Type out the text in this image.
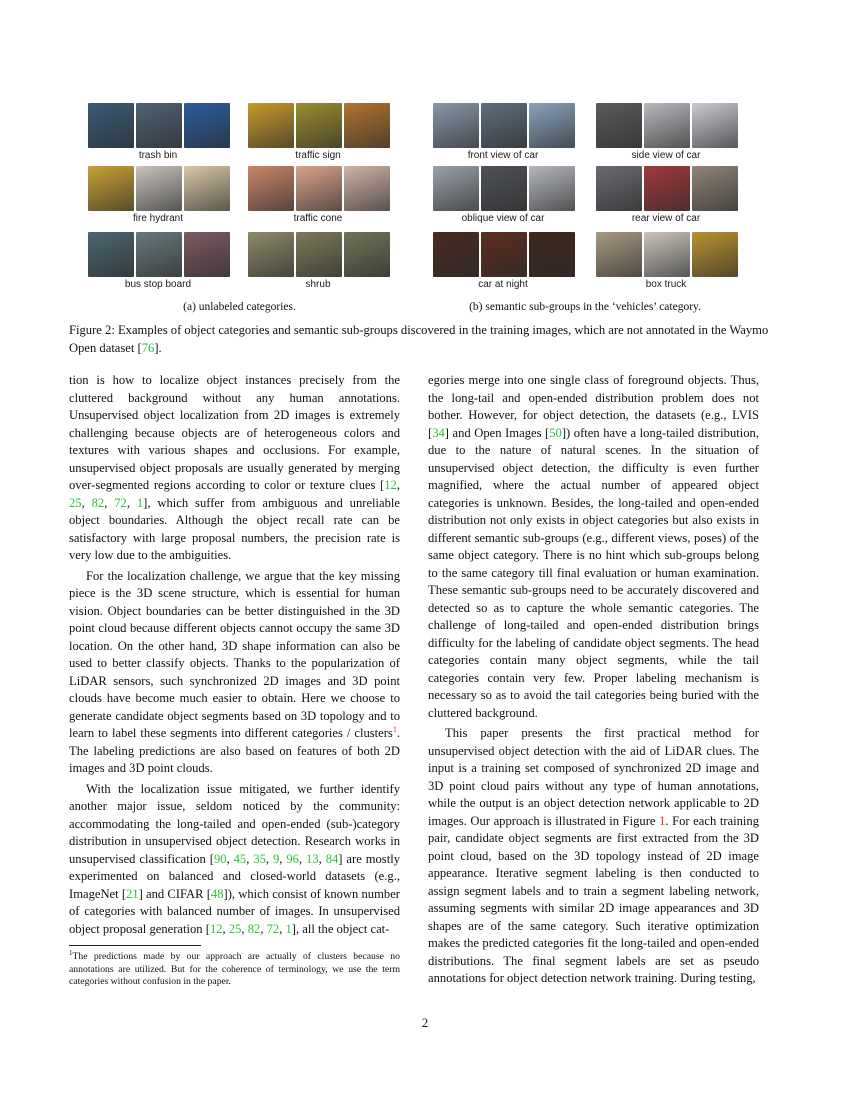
(a) unlabeled categories.	(b) semantic sub-groups in the ‘vehicles’ category.
Figure 2: Examples of object categories and semantic sub-groups discovered in the training images, which are not annotated in the Waymo Open dataset [76].

tion is how to localize object instances precisely from the cluttered background without any human annotations. Unsupervised object localization from 2D images is extremely challenging because objects are of heterogeneous colors and textures with various shapes and occlusions. For example, unsupervised object proposals are usually generated by merging over-segmented regions according to color or texture clues [12, 25, 82, 72, 1], which suffer from ambiguous and unreliable object boundaries. Although the object recall rate can be satisfactory with large proposal numbers, the precision rate is very low due to the ambiguities.

For the localization challenge, we argue that the key missing piece is the 3D scene structure, which is essential for human vision. Object boundaries can be better distinguished in the 3D point cloud because different objects cannot occupy the same 3D location. On the other hand, 3D shape information can also be used to better classify objects. Thanks to the popularization of LiDAR sensors, such synchronized 2D images and 3D point clouds have become much easier to obtain. Here we choose to generate candidate object segments based on 3D topology and to learn to label these segments into different categories / clusters$^1$. The labeling predictions are also based on features of both 2D images and 3D point clouds.

With the localization issue mitigated, we further identify another major issue, seldom noticed by the community: accommodating the long-tailed and open-ended (sub-)category distribution in unsupervised object detection. Research works in unsupervised classification [90, 45, 35, 9, 96, 13, 84] are mostly experimented on balanced and closed-world datasets (e.g., ImageNet [21] and CIFAR [48]), which consist of known number of categories with balanced number of images. In unsupervised object proposal generation [12, 25, 82, 72, 1], all the object cat-

egories merge into one single class of foreground objects. Thus, the long-tail and open-ended distribution problem does not bother. However, for object detection, the datasets (e.g., LVIS [34] and Open Images [50]) often have a long-tailed distribution, due to the nature of natural scenes. In the situation of unsupervised object detection, the difficulty is even further magnified, where the actual number of appeared object categories is unknown. Besides, the long-tailed and open-ended distribution not only exists in object categories but also exists in different semantic sub-groups (e.g., different views, poses) of the same object category. There is no hint which sub-groups belong to the same category till final evaluation or human examination. These semantic sub-groups need to be accurately discovered and detected so as to capture the whole semantic categories. The challenge of long-tailed and open-ended distribution brings difficulty for the labeling of candidate object segments. The head categories contain many object segments, while the tail categories contain very few. Proper labeling mechanism is necessary so as to avoid the tail categories being buried with the cluttered background.

This paper presents the first practical method for unsupervised object detection with the aid of LiDAR clues. The input is a training set composed of synchronized 2D image and 3D point cloud pairs without any type of human annotations, while the output is an object detection network applicable to 2D images. Our approach is illustrated in Figure 1. For each training pair, candidate object segments are first extracted from the 3D point cloud, based on the 3D topology instead of 2D image appearance. Iterative segment labeling is then conducted to assign segment labels and to train a segment labeling network, assuming segments with similar 2D image appearances and 3D shapes are of the same category. Such iterative optimization makes the predicted categories fit the long-tailed and open-ended distributions. The final segment labels are set as pseudo annotations for object detection network training. During testing,

$^1$The predictions made by our approach are actually of clusters because no annotations are utilized. But for the coherence of terminology, we use the term categories without confusion in the paper.
2
trash bin	traffic sign
fire hydrant	traffic cone
bus stop board	shrub
front view of car	side view of car
oblique view of car	rear view of car
car at night	box truck
